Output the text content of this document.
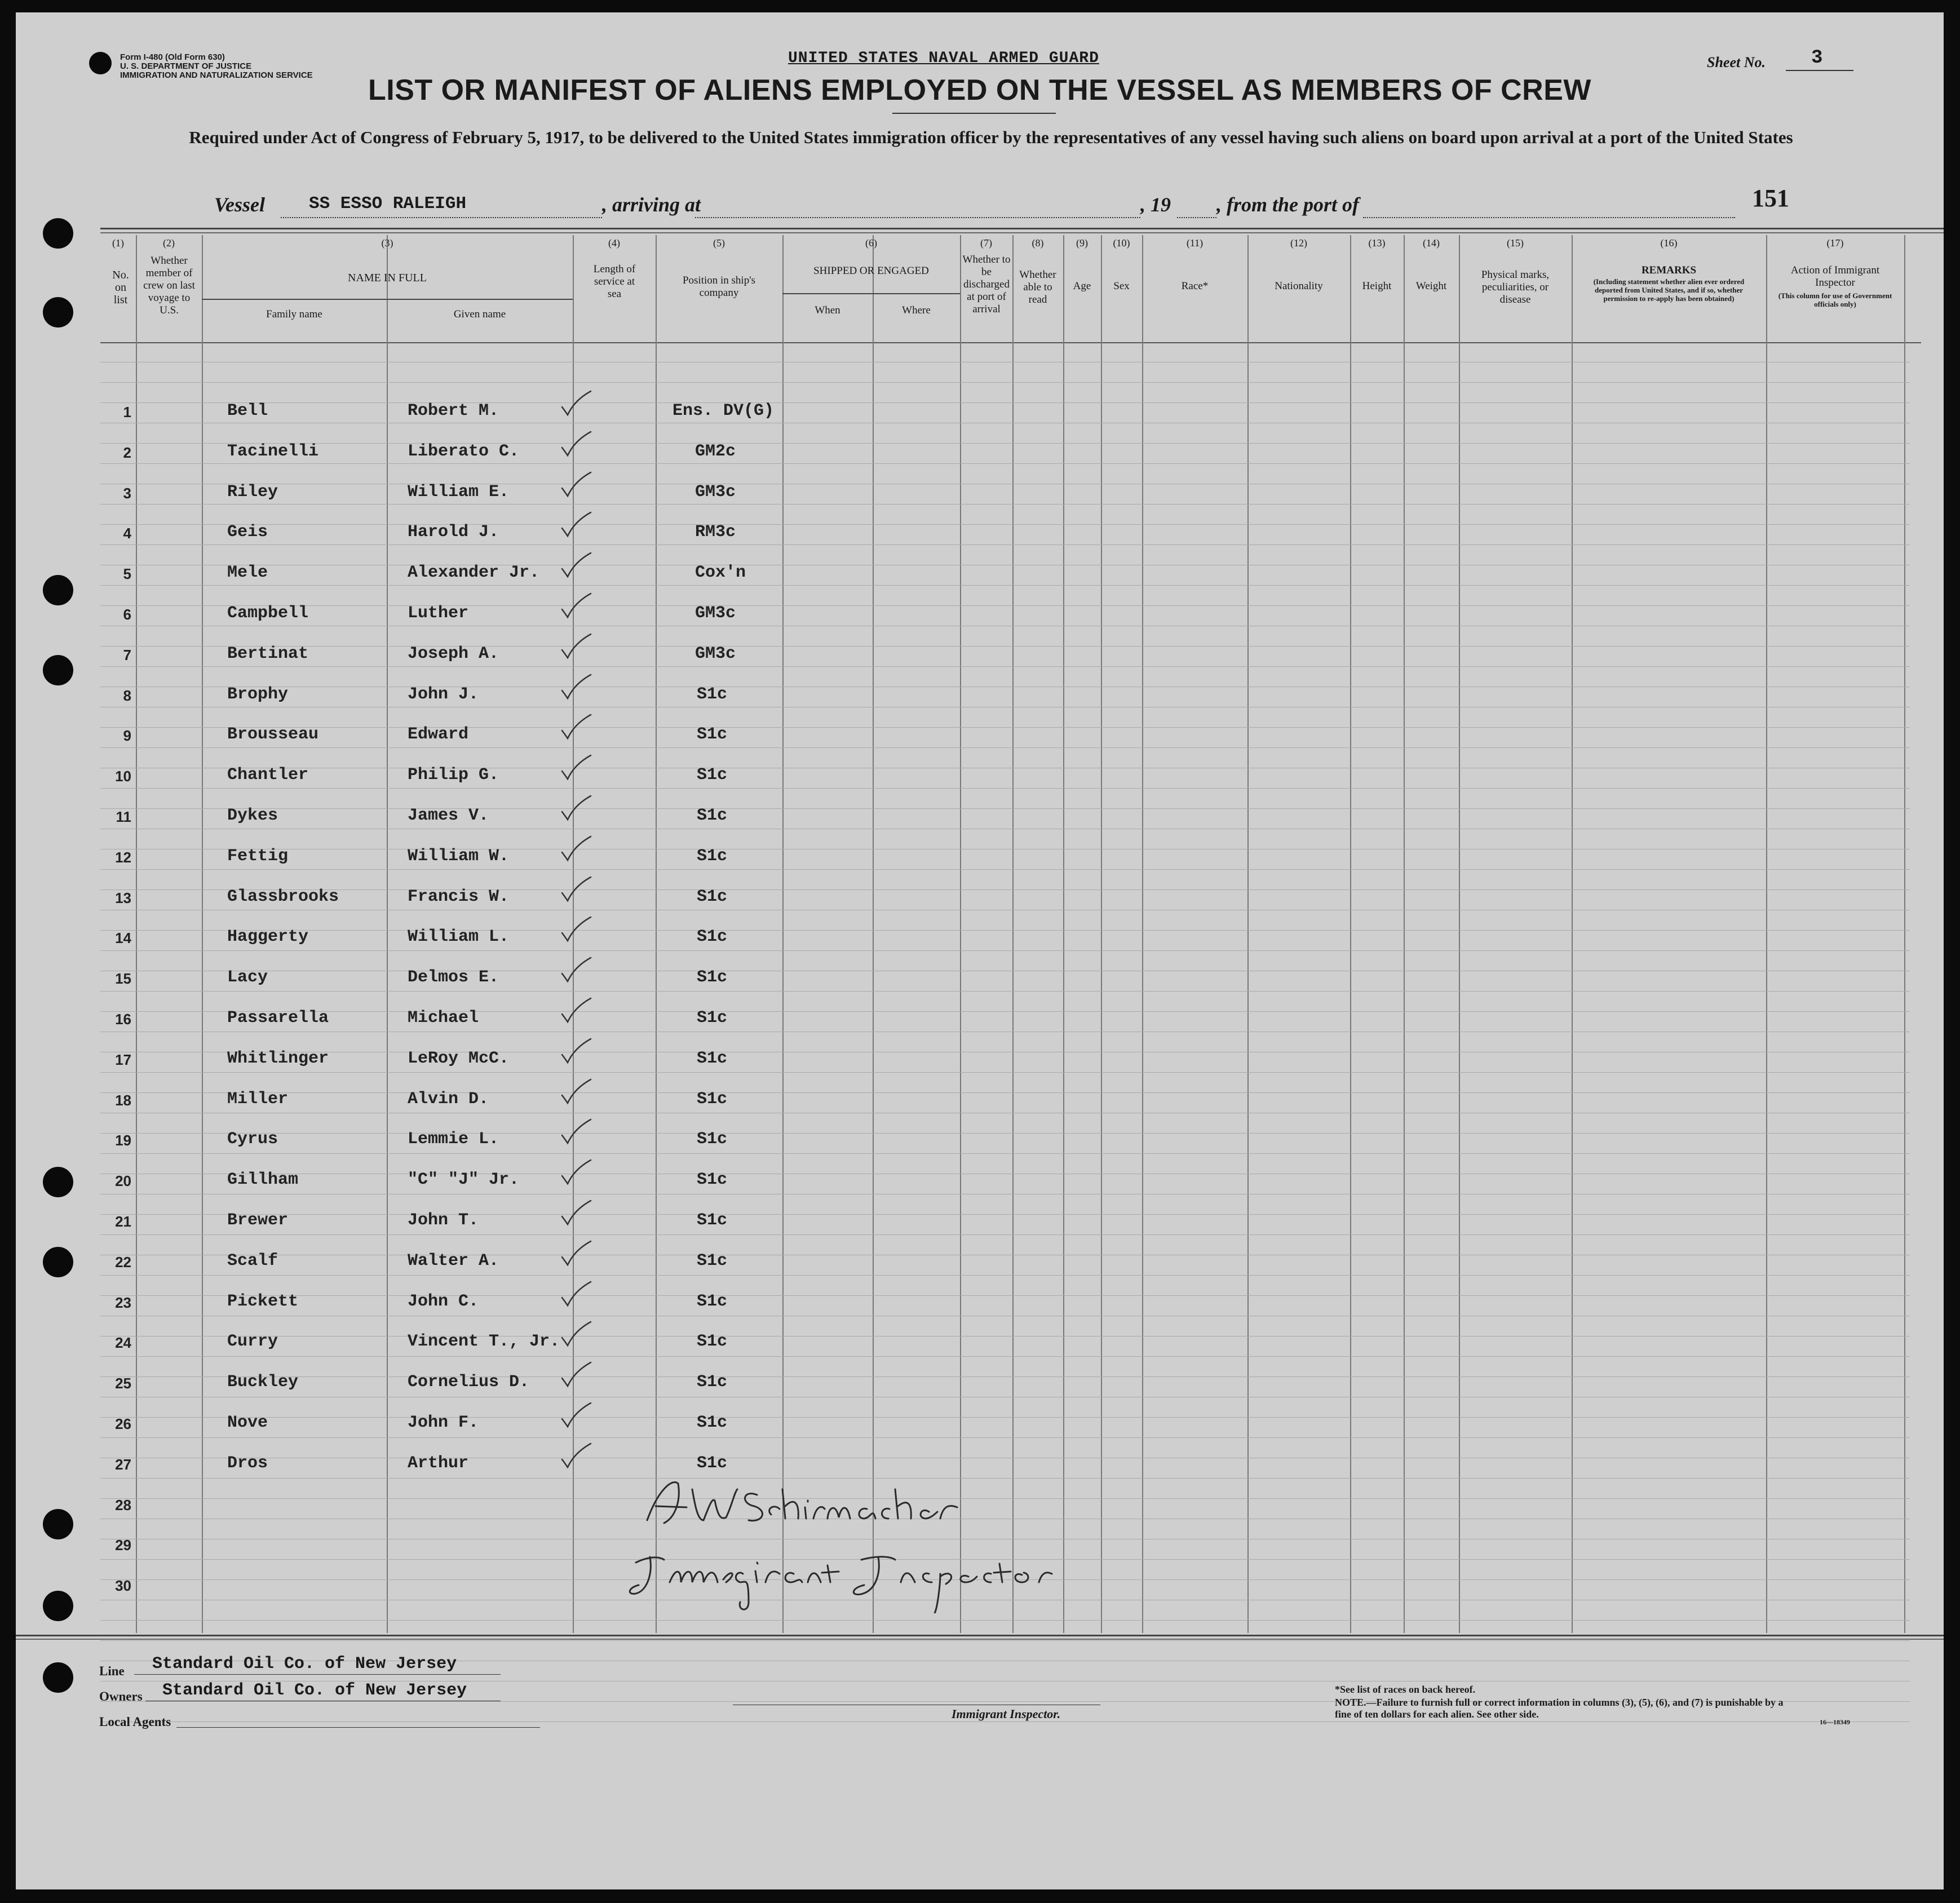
Form I-480 (Old Form 630)
U. S. DEPARTMENT OF JUSTICE
IMMIGRATION AND NATURALIZATION SERVICE
UNITED STATES NAVAL ARMED GUARD	Sheet No. 3
LIST OR MANIFEST OF ALIENS EMPLOYED ON THE VESSEL AS MEMBERS OF CREW
Required under Act of Congress of February 5, 1917, to be delivered to the United States immigration officer by the representatives of any vessel having such aliens on board upon arrival at a port of the United States
Vessel	SS ESSO RALEIGH	, arriving at	, 19 , from the port of	151
(1)
No. on list
(2)
Whether member of crew on last voyage to U.S.
(3)
NAME IN FULL
Family name	Given name
(4)
Length of service at sea
(5)
Position in ship's company
(6)
SHIPPED OR ENGAGED
When	Where
(7)
Whether to be discharged at port of arrival
(8)
Whether able to read
(9)
Age
(10)
Sex
(11)
Race*
(12)
Nationality
(13)
Height
(14)
Weight
(15)
Physical marks, peculiarities, or disease
(16)
REMARKS
(Including statement whether alien ever ordered deported from United States, and if so, whether permission to re-apply has been obtained)
(17)
Action of Immigrant Inspector
(This column for use of Government officials only)
1	Bell	Robert M.	Ens. DV(G)
2	Tacinelli	Liberato C.	GM2c
3	Riley	William E.	GM3c
4	Geis	Harold J.	RM3c
5	Mele	Alexander Jr.	Cox'n
6	Campbell	Luther	GM3c
7	Bertinat	Joseph A.	GM3c
8	Brophy	John J.	S1c
9	Brousseau	Edward	S1c
10	Chantler	Philip G.	S1c
11	Dykes	James V.	S1c
12	Fettig	William W.	S1c
13	Glassbrooks	Francis W.	S1c
14	Haggerty	William L.	S1c
15	Lacy	Delmos E.	S1c
16	Passarella	Michael	S1c
17	Whitlinger	LeRoy McC.	S1c
18	Miller	Alvin D.	S1c
19	Cyrus	Lemmie L.	S1c
20	Gillham	"C" "J" Jr.	S1c
21	Brewer	John T.	S1c
22	Scalf	Walter A.	S1c
23	Pickett	John C.	S1c
24	Curry	Vincent T., Jr.	S1c
25	Buckley	Cornelius D.	S1c
26	Nove	John F.	S1c
27	Dros	Arthur	S1c
28
29
30
Line Standard Oil Co. of New Jersey
Owners Standard Oil Co. of New Jersey
Local Agents
Immigrant Inspector.
*See list of races on back hereof.
NOTE.—Failure to furnish full or correct information in columns (3), (5), (6), and (7) is punishable by a fine of ten dollars for each alien. See other side.
16—18349
